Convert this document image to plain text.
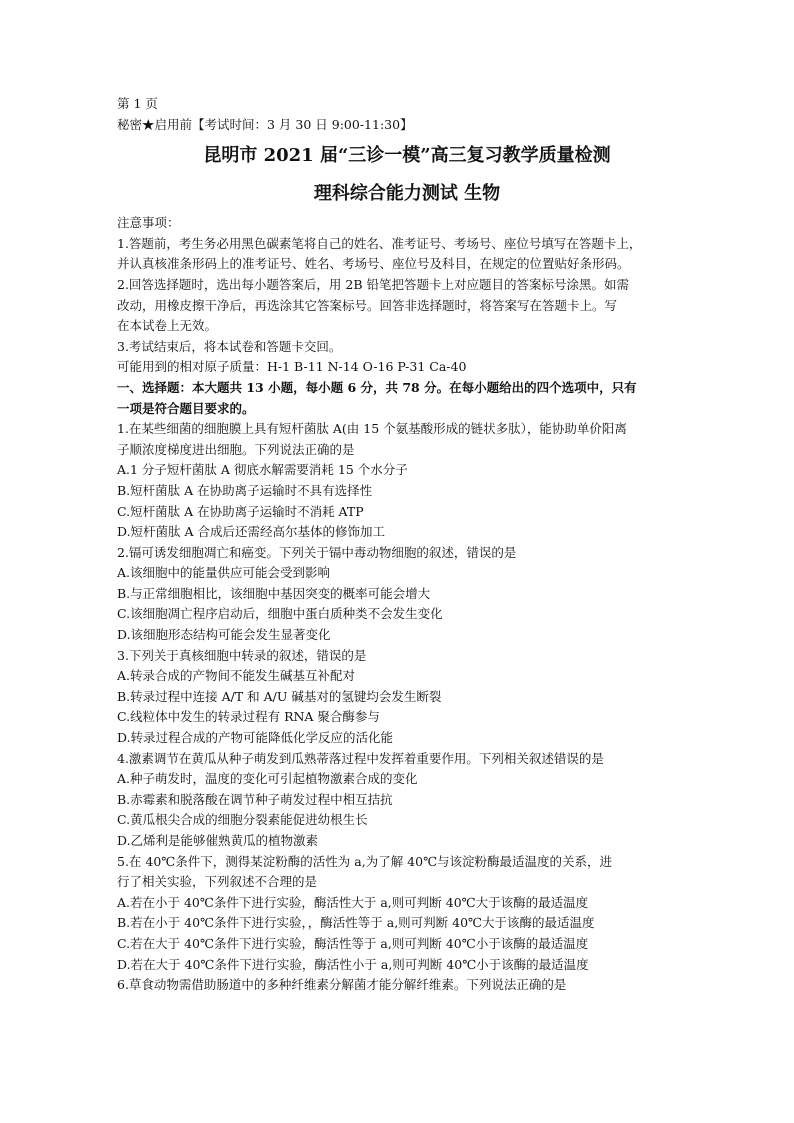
第 1 页
秘密★启用前【考试时间：3 月 30 日 9:00-11:30】
昆明市 2021 届“三诊一模”高三复习教学质量检测
理科综合能力测试 生物
注意事项：
1.答题前，考生务必用黑色碳素笔将自己的姓名、准考证号、考场号、座位号填写在答题卡上，
并认真核准条形码上的准考证号、姓名、考场号、座位号及科目，在规定的位置贴好条形码。
2.回答选择题时，选出每小题答案后，用 2B 铅笔把答题卡上对应题目的答案标号涂黑。如需
改动，用橡皮擦干净后，再选涂其它答案标号。回答非选择题时，将答案写在答题卡上。写
在本试卷上无效。
3.考试结束后，将本试卷和答题卡交回。
可能用到的相对原子质量：H-1 B-11 N-14 O-16 P-31 Ca-40
一、选择题：本大题共 13 小题，每小题 6 分，共 78 分。在每小题给出的四个选项中，只有
一项是符合题目要求的。
1.在某些细菌的细胞膜上具有短杆菌肽 A(由 15 个氨基酸形成的链状多肽），能协助单价阳离
子顺浓度梯度进出细胞。下列说法正确的是
A.1 分子短杆菌肽 A 彻底水解需要消耗 15 个水分子
B.短杆菌肽 A 在协助离子运输时不具有选择性
C.短杆菌肽 A 在协助离子运输时不消耗 ATP
D.短杆菌肽 A 合成后还需经高尔基体的修饰加工
2.镉可诱发细胞凋亡和癌变。下列关于镉中毒动物细胞的叙述，错误的是
A.该细胞中的能量供应可能会受到影响
B.与正常细胞相比，该细胞中基因突变的概率可能会增大
C.该细胞凋亡程序启动后，细胞中蛋白质种类不会发生变化
D.该细胞形态结构可能会发生显著变化
3.下列关于真核细胞中转录的叙述，错误的是
A.转录合成的产物间不能发生碱基互补配对
B.转录过程中连接 A/T 和 A/U 碱基对的氢键均会发生断裂
C.线粒体中发生的转录过程有 RNA 聚合酶参与
D.转录过程合成的产物可能降低化学反应的活化能
4.激素调节在黄瓜从种子萌发到瓜熟蒂落过程中发挥着重要作用。下列相关叙述错误的是
A.种子萌发时，温度的变化可引起植物激素合成的变化
B.赤霉素和脱落酸在调节种子萌发过程中相互拮抗
C.黄瓜根尖合成的细胞分裂素能促进幼根生长
D.乙烯利是能够催熟黄瓜的植物激素
5.在 40℃条件下，测得某淀粉酶的活性为 a,为了解 40℃与该淀粉酶最适温度的关系，进
行了相关实验，下列叙述不合理的是
A.若在小于 40℃条件下进行实验，酶活性大于 a,则可判断 40℃大于该酶的最适温度
B.若在小于 40℃条件下进行实验，，酶活性等于 a,则可判断 40℃大于该酶的最适温度
C.若在大于 40℃条件下进行实验，酶活性等于 a,则可判断 40℃小于该酶的最适温度
D.若在大于 40℃条件下进行实验，酶活性小于 a,则可判断 40℃小于该酶的最适温度
6.草食动物需借助肠道中的多种纤维素分解菌才能分解纤维素。下列说法正确的是
